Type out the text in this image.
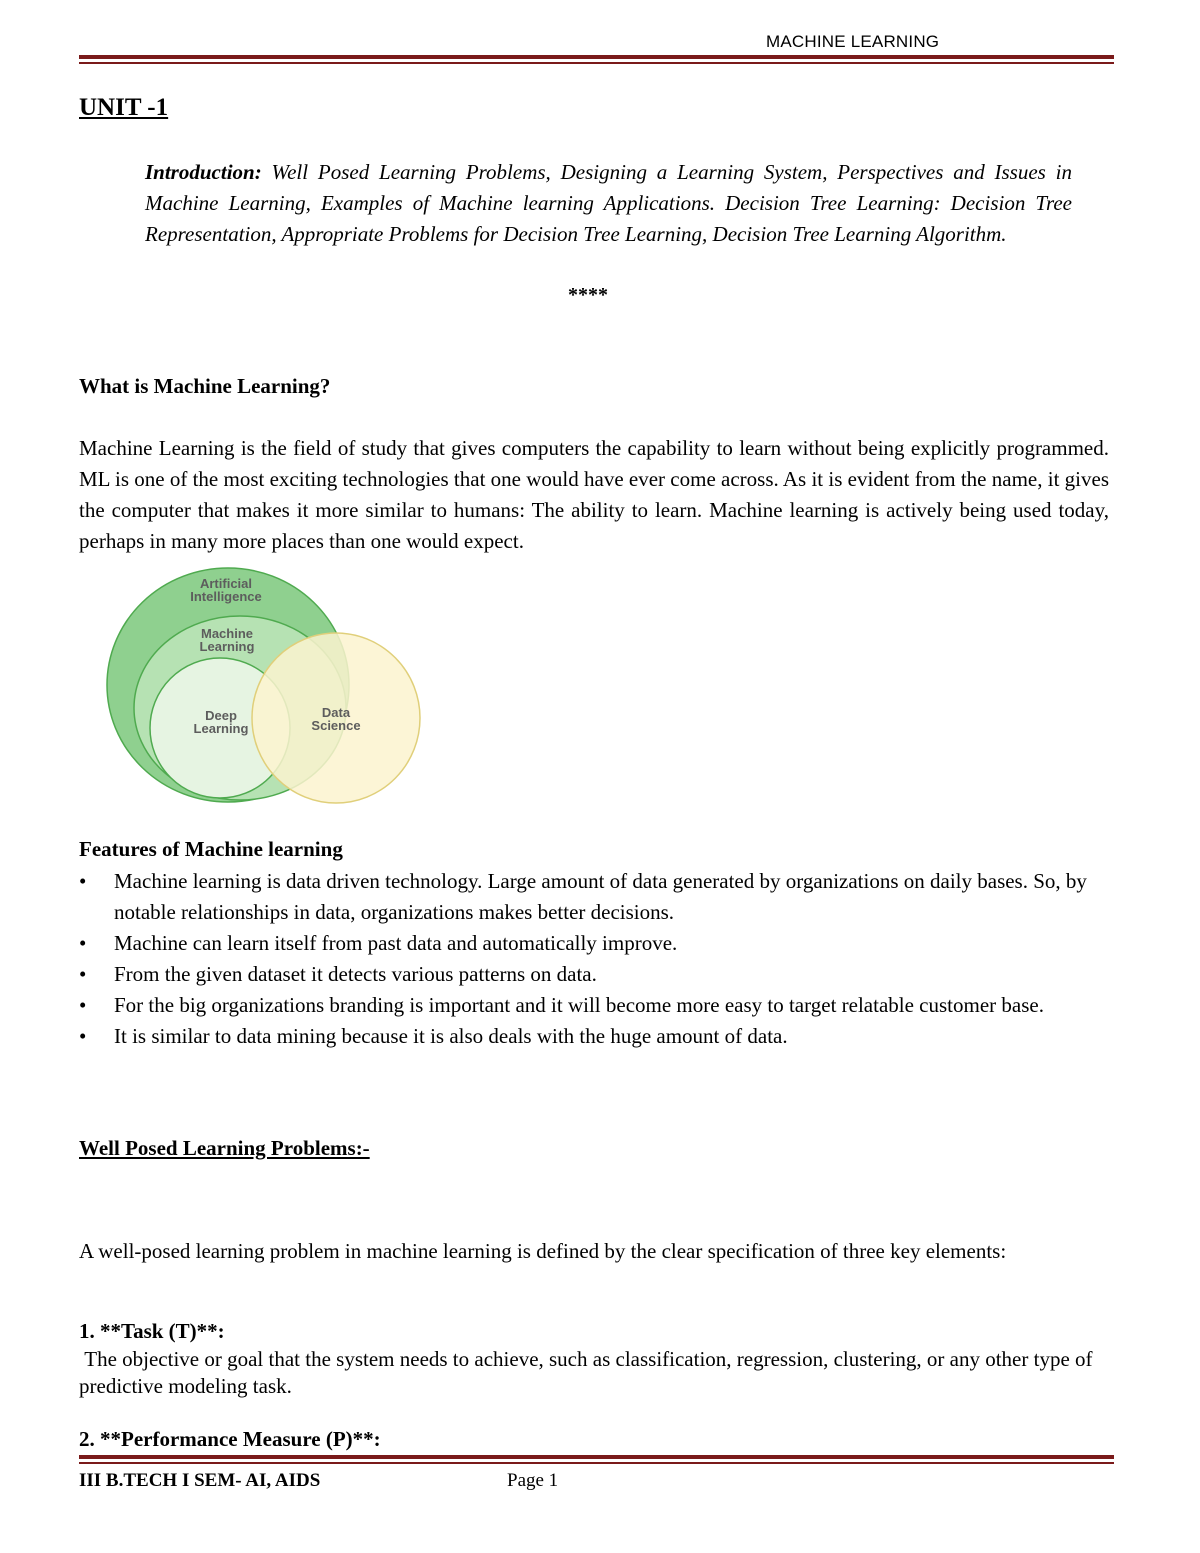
MACHINE LEARNING
UNIT -1
Introduction: Well Posed Learning Problems, Designing a Learning System, Perspectives and Issues in Machine Learning, Examples of Machine learning Applications. Decision Tree Learning: Decision Tree Representation, Appropriate Problems for Decision Tree Learning, Decision Tree Learning Algorithm.
****
What is Machine Learning?
Machine Learning is the field of study that gives computers the capability to learn without being explicitly programmed. ML is one of the most exciting technologies that one would have ever come across. As it is evident from the name, it gives the computer that makes it more similar to humans: The ability to learn. Machine learning is actively being used today, perhaps in many more places than one would expect.
Artificial
Intelligence
Machine
Learning
Deep
Learning
Data
Science
Features of Machine learning
• Machine learning is data driven technology. Large amount of data generated by organizations on daily bases. So, by notable relationships in data, organizations makes better decisions.
• Machine can learn itself from past data and automatically improve.
• From the given dataset it detects various patterns on data.
• For the big organizations branding is important and it will become more easy to target relatable customer base.
• It is similar to data mining because it is also deals with the huge amount of data.
Well Posed Learning Problems:-
A well-posed learning problem in machine learning is defined by the clear specification of three key elements:
1. **Task (T)**:
The objective or goal that the system needs to achieve, such as classification, regression, clustering, or any other type of predictive modeling task.
2. **Performance Measure (P)**:
III B.TECH I SEM- AI, AIDS	Page 1
